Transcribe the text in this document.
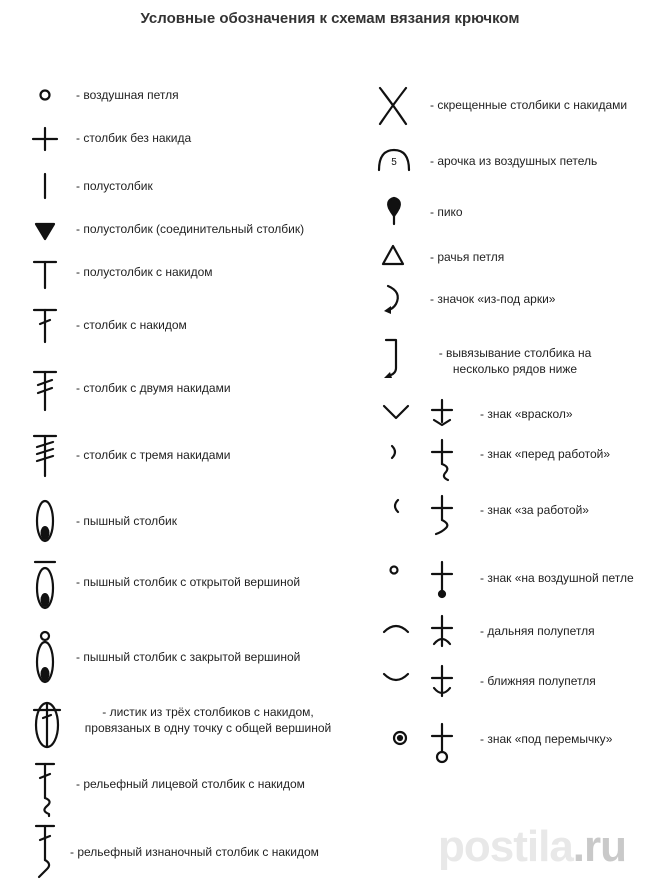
Условные обозначения к схемам вязания крючком
- воздушная петля
- столбик без накида
- полустолбик
- полустолбик (соединительный столбик)
- полустолбик с накидом
- столбик с накидом
- столбик с двумя накидами
- столбик с тремя накидами
- пышный столбик
- пышный столбик с открытой вершиной
- пышный столбик с закрытой вершиной
- листик из трёх столбиков с накидом,
провязаных в одну точку с общей вершиной
- рельефный лицевой столбик с накидом
- рельефный изнаночный столбик с накидом
- скрещенные столбики с накидами
5	- арочка из воздушных петель
- пико
- рачья петля
- значок «из-под арки»
- вывязывание столбика на
несколько рядов ниже
- знак «враскол»
- знак «перед работой»
- знак «за работой»
- знак «на воздушной петле
- дальняя полупетля
- ближняя полупетля
- знак «под перемычку»
postila.ru
